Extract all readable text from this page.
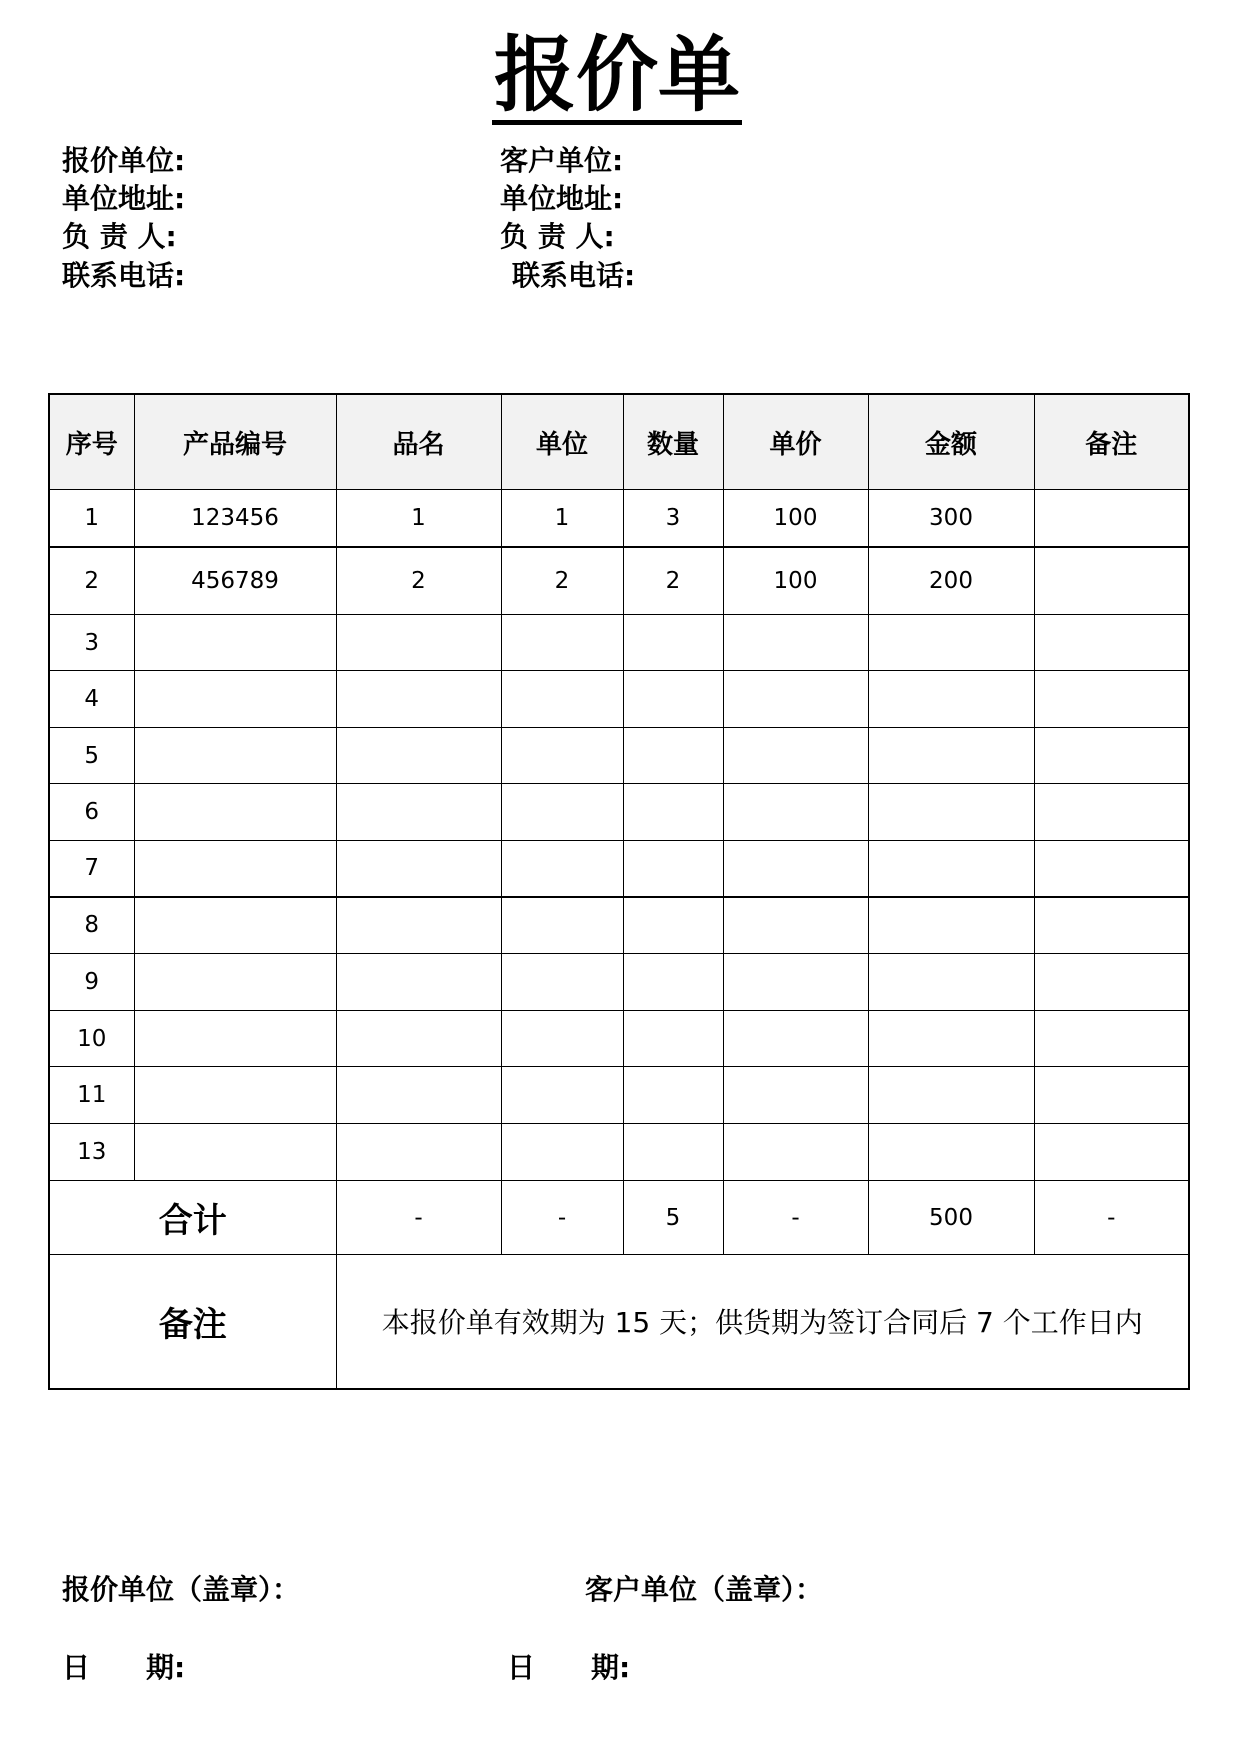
报价单
报价单位:
单位地址:
负 责 人:
联系电话:
客户单位:
单位地址:
负 责 人:
联系电话:
序号	产品编号	品名	单位	数量	单价	金额	备注
1	123456	1	1	3	100	300	
2	456789	2	2	2	100	200	
3							
4							
5							
6							
7							
8							
9							
10							
11							
13							
合计		-	-	5	-	500	-
备注		本报价单有效期为 15 天；供货期为签订合同后 7 个工作日内					
报价单位（盖章）：	客户单位（盖章）：
日　　期:	日　　期:
